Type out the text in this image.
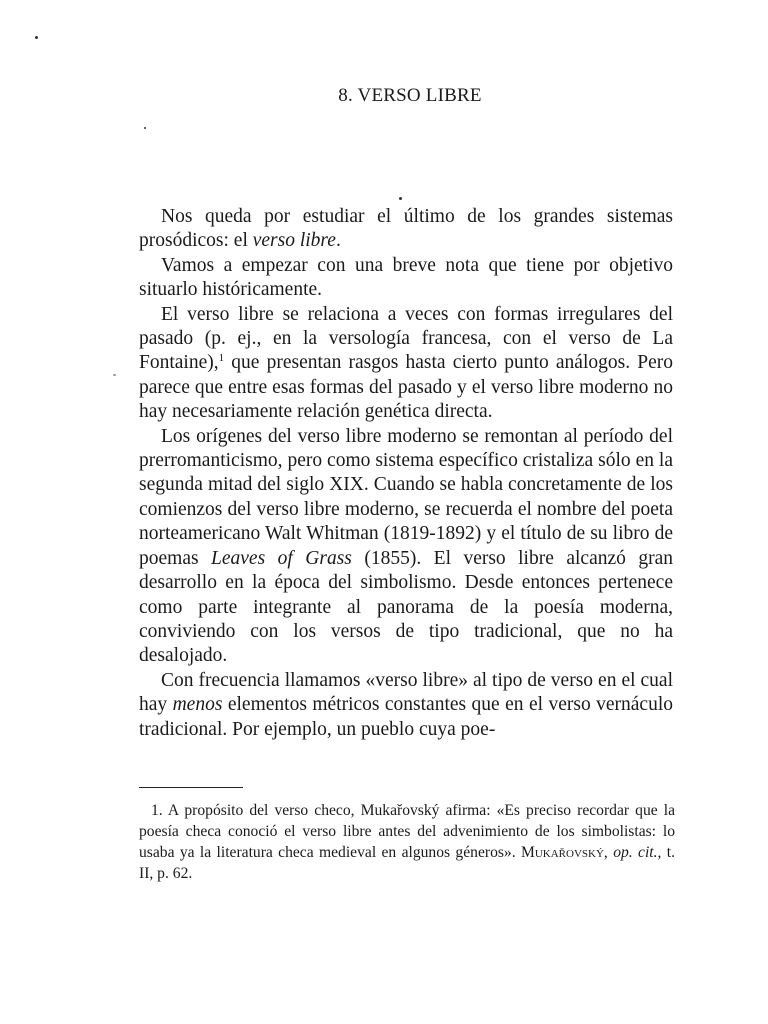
8. VERSO LIBRE

Nos queda por estudiar el último de los grandes sistemas prosódicos: el verso libre.

Vamos a empezar con una breve nota que tiene por objetivo situarlo históricamente.

El verso libre se relaciona a veces con formas irregulares del pasado (p. ej., en la versología francesa, con el verso de La Fontaine),$^1$ que presentan rasgos hasta cierto punto análogos. Pero parece que entre esas formas del pasado y el verso libre moderno no hay necesariamente relación genética directa.

Los orígenes del verso libre moderno se remontan al período del prerromanticismo, pero como sistema específico cristaliza sólo en la segunda mitad del siglo XIX. Cuando se habla concretamente de los comienzos del verso libre moderno, se recuerda el nombre del poeta norteamericano Walt Whitman (1819-1892) y el título de su libro de poemas Leaves of Grass (1855). El verso libre alcanzó gran desarrollo en la época del simbolismo. Desde entonces pertenece como parte integrante al panorama de la poesía moderna, conviviendo con los versos de tipo tradicional, que no ha desalojado.

Con frecuencia llamamos «verso libre» al tipo de verso en el cual hay menos elementos métricos constantes que en el verso vernáculo tradicional. Por ejemplo, un pueblo cuya poe-

1. A propósito del verso checo, Mukařovský afirma: «Es preciso recordar que la poesía checa conoció el verso libre antes del advenimiento de los simbolistas: lo usaba ya la literatura checa medieval en algunos géneros». Mukařovský, op. cit., t. II, p. 62.
